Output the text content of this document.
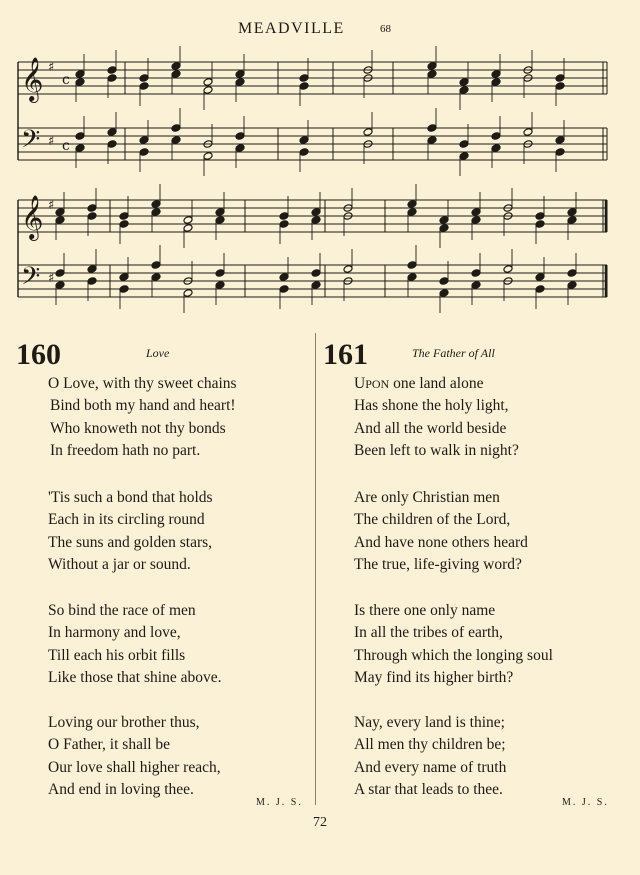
MEADVILLE	68
𝄞
𝄢
♯
♯
c
c
𝄞
𝄢
♯
♯
160	Love
O Love, with thy sweet chains
Bind both my hand and heart!
Who knoweth not thy bonds
In freedom hath no part.
'Tis such a bond that holds
Each in its circling round
The suns and golden stars,
Without a jar or sound.
So bind the race of men
In harmony and love,
Till each his orbit fills
Like those that shine above.
Loving our brother thus,
O Father, it shall be
Our love shall higher reach,
And end in loving thee.
M. J. S.
161	The Father of All
UPON one land alone
Has shone the holy light,
And all the world beside
Been left to walk in night?
Are only Christian men
The children of the Lord,
And have none others heard
The true, life-giving word?
Is there one only name
In all the tribes of earth,
Through which the longing soul
May find its higher birth?
Nay, every land is thine;
All men thy children be;
And every name of truth
A star that leads to thee.
M. J. S.
72
